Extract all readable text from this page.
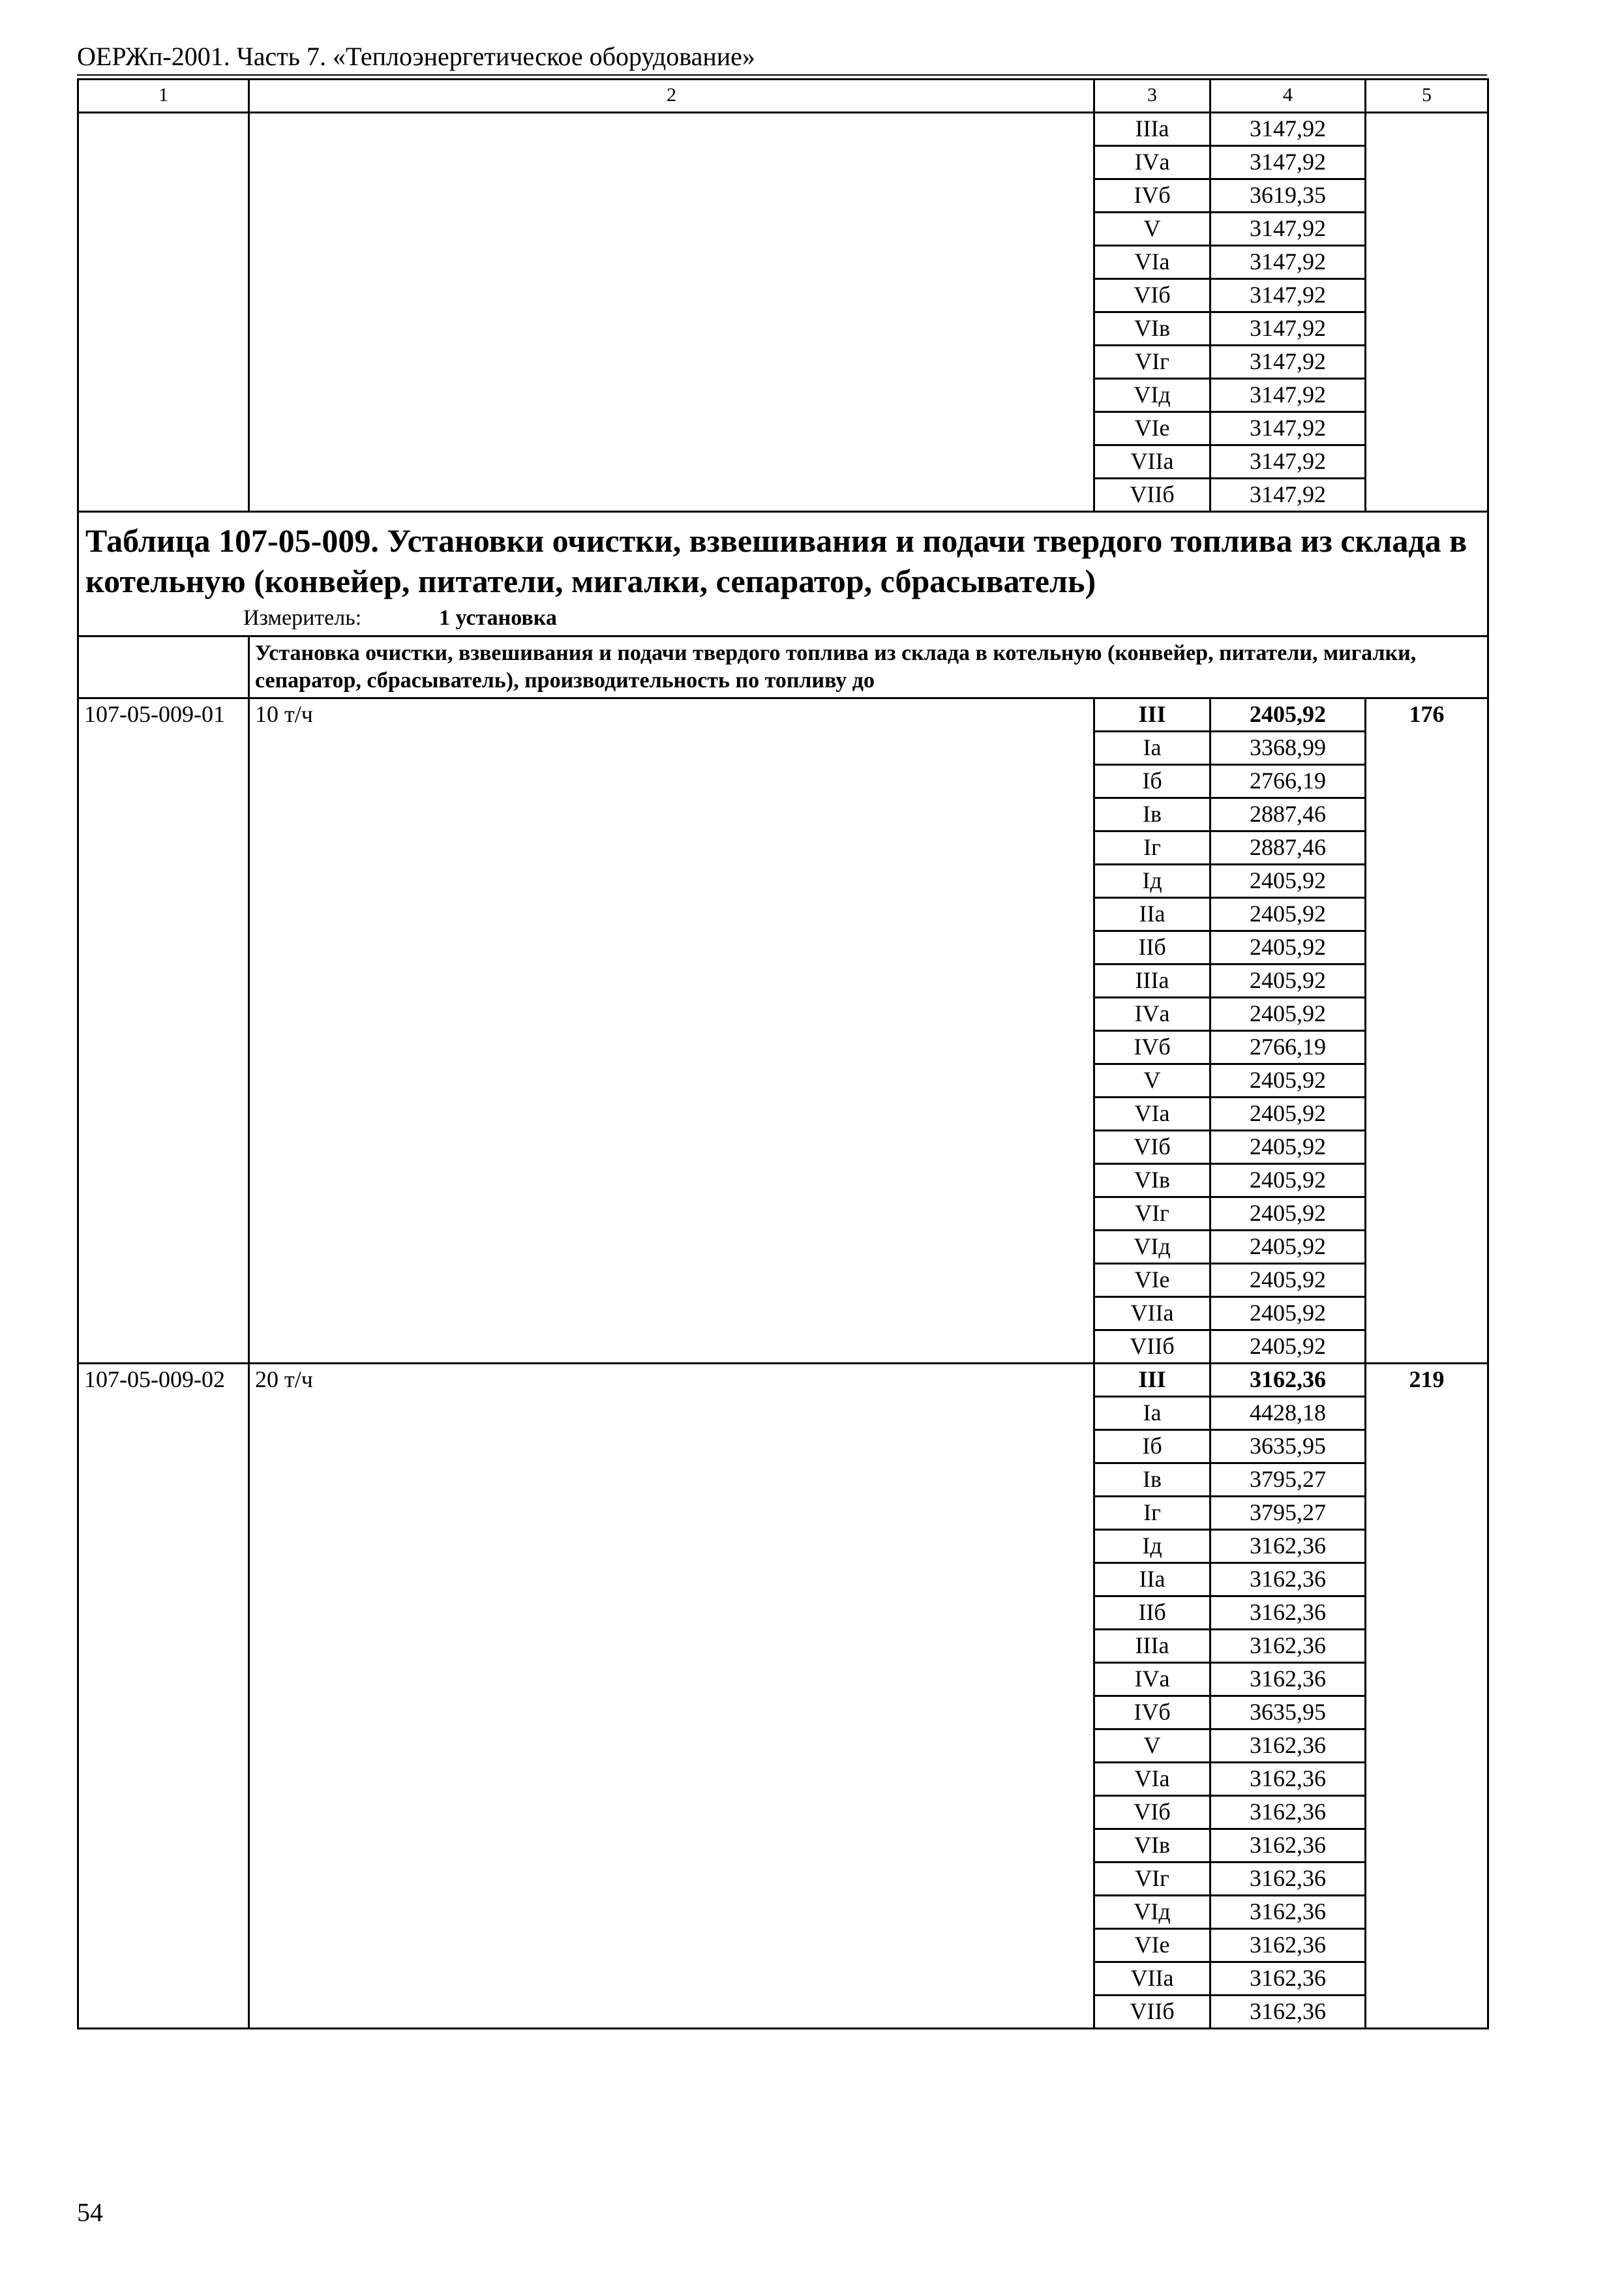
ОЕРЖп-2001. Часть 7. «Теплоэнергетическое оборудование»
1	2	3	4	5
		IIIа	3147,92	
		IVа	3147,92	
		IVб	3619,35	
		V	3147,92	
		VIа	3147,92	
		VIб	3147,92	
		VIв	3147,92	
		VIг	3147,92	
		VIд	3147,92	
		VIе	3147,92	
		VIIа	3147,92	
		VIIб	3147,92	

Таблица 107-05-009. Установки очистки, взвешивания и подачи твердого топлива из склада в котельную (конвейер, питатели, мигалки, сепаратор, сбрасыватель)
Измеритель: 1 установка				

	Установка очистки, взвешивания и подачи твердого топлива из склада в котельную (конвейер, питатели, мигалки, сепаратор, сбрасыватель), производительность по топливу до			
107-05-009-01	10 т/ч	III	2405,92	176
		Iа	3368,99	
		Iб	2766,19	
		Iв	2887,46	
		Iг	2887,46	
		Iд	2405,92	
		IIа	2405,92	
		IIб	2405,92	
		IIIа	2405,92	
		IVа	2405,92	
		IVб	2766,19	
		V	2405,92	
		VIа	2405,92	
		VIб	2405,92	
		VIв	2405,92	
		VIг	2405,92	
		VIд	2405,92	
		VIе	2405,92	
		VIIа	2405,92	
		VIIб	2405,92	
107-05-009-02	20 т/ч	III	3162,36	219
		Iа	4428,18	
		Iб	3635,95	
		Iв	3795,27	
		Iг	3795,27	
		Iд	3162,36	
		IIа	3162,36	
		IIб	3162,36	
		IIIа	3162,36	
		IVа	3162,36	
		IVб	3635,95	
		V	3162,36	
		VIа	3162,36	
		VIб	3162,36	
		VIв	3162,36	
		VIг	3162,36	
		VIд	3162,36	
		VIе	3162,36	
		VIIа	3162,36	
		VIIб	3162,36	
54
